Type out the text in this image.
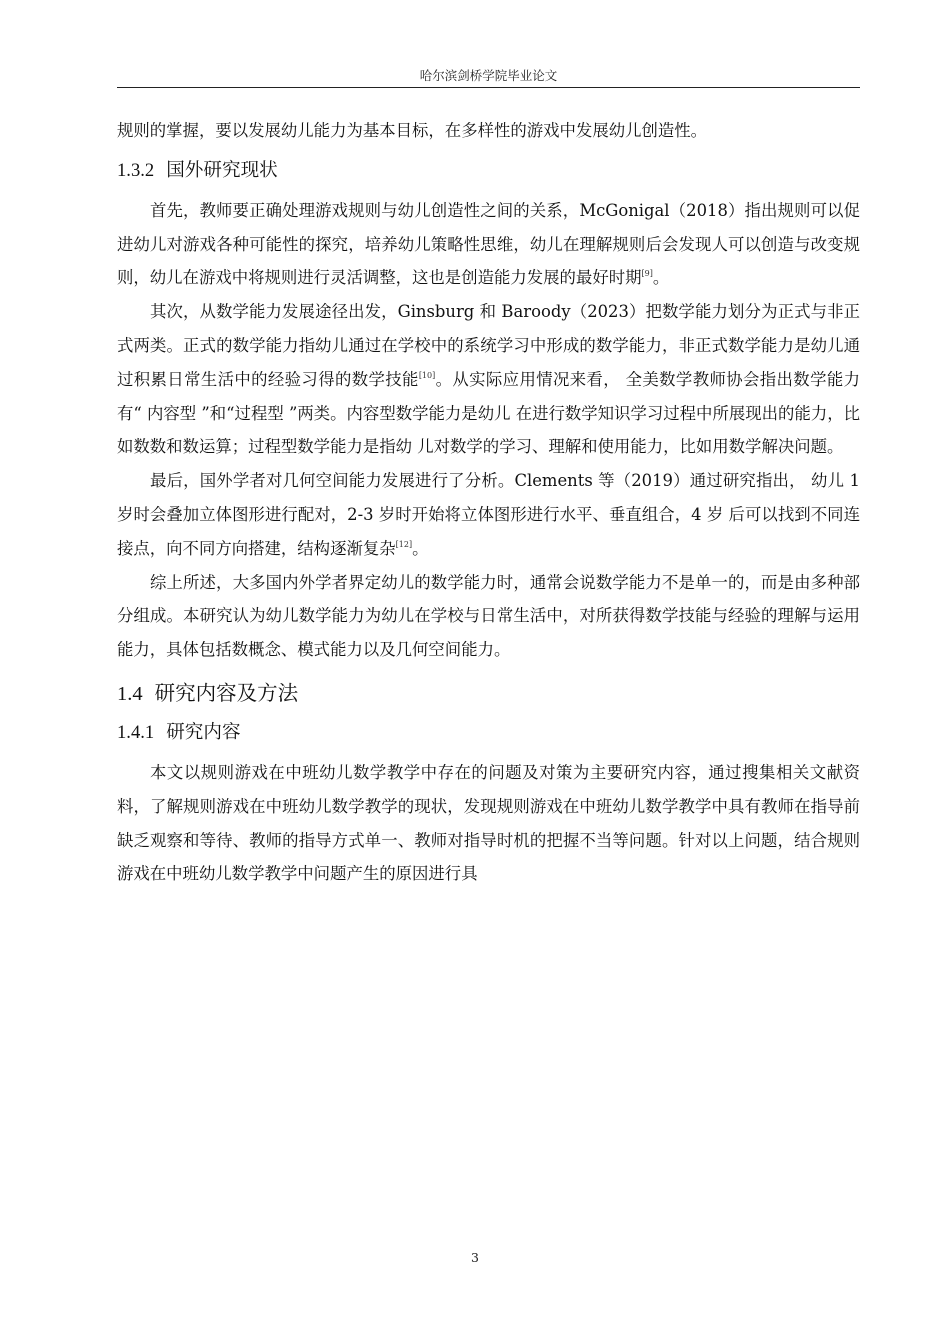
哈尔滨剑桥学院毕业论文

规则的掌握，要以发展幼儿能力为基本目标，在多样性的游戏中发展幼儿创造性。

1.3.2 国外研究现状

首先，教师要正确处理游戏规则与幼儿创造性之间的关系，McGonigal（2018）指出规则可以促进幼儿对游戏各种可能性的探究，培养幼儿策略性思维，幼儿在理解规则后会发现人可以创造与改变规则，幼儿在游戏中将规则进行灵活调整，这也是创造能力发展的最好时期[9]。

其次，从数学能力发展途径出发，Ginsburg 和 Baroody（2023）把数学能力划分为正式与非正式两类。正式的数学能力指幼儿通过在学校中的系统学习中形成的数学能力，非正式数学能力是幼儿通过积累日常生活中的经验习得的数学技能[10]。从实际应用情况来看， 全美数学教师协会指出数学能力有“ 内容型 ”和“过程型 ”两类。内容型数学能力是幼儿 在进行数学知识学习过程中所展现出的能力，比如数数和数运算；过程型数学能力是指幼 儿对数学的学习、理解和使用能力，比如用数学解决问题。

最后，国外学者对几何空间能力发展进行了分析。Clements 等（2019）通过研究指出， 幼儿 1 岁时会叠加立体图形进行配对，2-3 岁时开始将立体图形进行水平、垂直组合，4 岁 后可以找到不同连接点，向不同方向搭建，结构逐渐复杂[12]。

综上所述，大多国内外学者界定幼儿的数学能力时，通常会说数学能力不是单一的，而是由多种部分组成。本研究认为幼儿数学能力为幼儿在学校与日常生活中，对所获得数学技能与经验的理解与运用能力，具体包括数概念、模式能力以及几何空间能力。

1.4 研究内容及方法
1.4.1 研究内容

本文以规则游戏在中班幼儿数学教学中存在的问题及对策为主要研究内容，通过搜集相关文献资料，了解规则游戏在中班幼儿数学教学的现状，发现规则游戏在中班幼儿数学教学中具有教师在指导前缺乏观察和等待、教师的指导方式单一、教师对指导时机的把握不当等问题。针对以上问题，结合规则游戏在中班幼儿数学教学中问题产生的原因进行具

3
